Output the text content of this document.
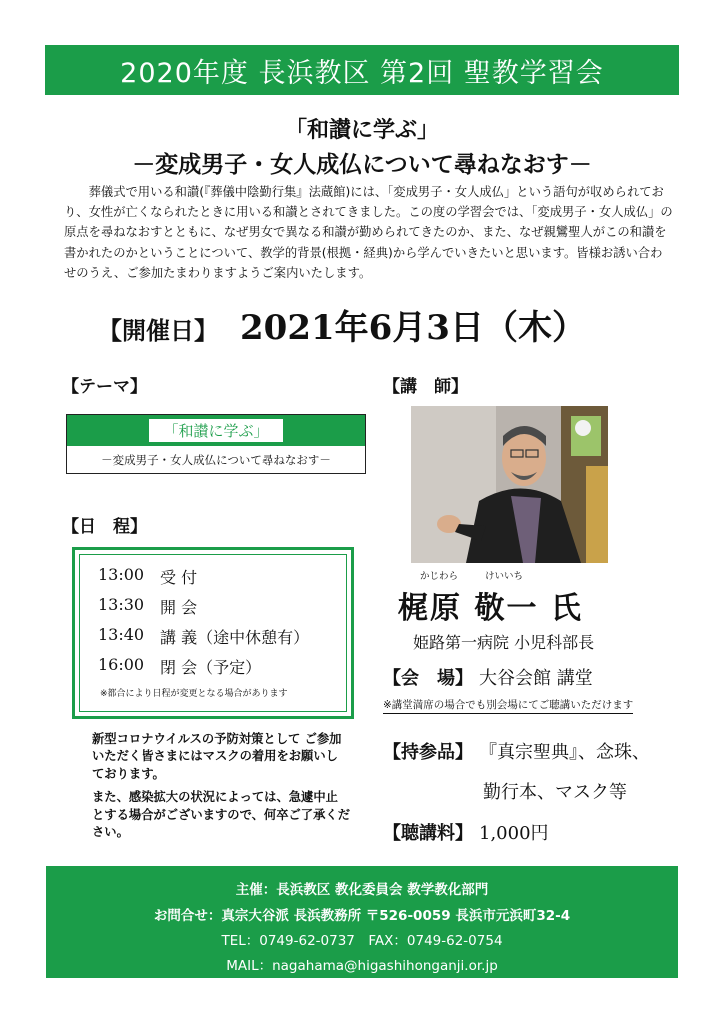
2020年度 長浜教区 第2回 聖教学習会
「和讃に学ぶ」
－変成男子・女人成仏について尋ねなおす－
葬儀式で用いる和讃(『葬儀中陰勤行集』法蔵館)には、「変成男子・女人成仏」という語句が収められており、女性が亡くなられたときに用いる和讃とされてきました。この度の学習会では、「変成男子・女人成仏」の原点を尋ねなおすとともに、なぜ男女で異なる和讃が勤められてきたのか、また、なぜ親鸞聖人がこの和讃を書かれたのかということについて、教学的背景(根拠・経典)から学んでいきたいと思います。皆様お誘い合わせのうえ、ご参加たまわりますようご案内いたします。
【開催日】 2021年6月3日（木）
【テーマ】
「和讃に学ぶ」
－変成男子・女人成仏について尋ねなおす－
【日　程】
13:00 受 付
13:30 開 会
13:40 講 義（途中休憩有）
16:00 閉 会（予定）
※都合により日程が変更となる場合があります

新型コロナウイルスの予防対策として ご参加いただく皆さまにはマスクの着用をお願いしております。

また、感染拡大の状況によっては、急遽中止とする場合がございますので、何卒ご了承ください。

【講　師】
かじわら	けいいち
梶原 敬一 氏
姫路第一病院 小児科部長
【会　場】 大谷会館 講堂
※講堂満席の場合でも別会場にてご聴講いただけます
【持参品】 『真宗聖典』、念珠、
勤行本、マスク等
【聴講料】 1,000円
主催：長浜教区 教化委員会 教学教化部門
お問合せ：真宗大谷派 長浜教務所 〒526-0059 長浜市元浜町32-4
TEL：0749-62-0737　FAX：0749-62-0754
MAIL：nagahama@higashihonganji.or.jp
